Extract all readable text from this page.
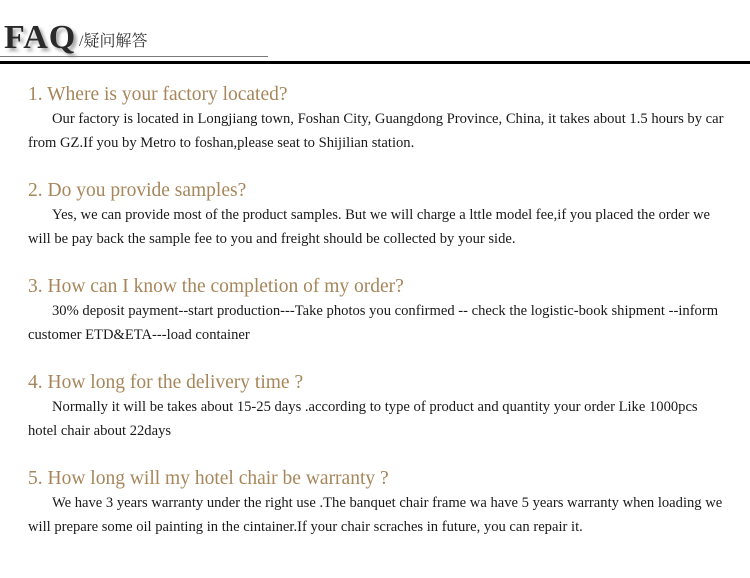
FAQ /疑问解答
1. Where is your factory located?
Our factory is located in Longjiang town, Foshan City, Guangdong Province, China, it takes about 1.5 hours by car from GZ.If you by Metro to foshan,please seat to Shijilian station.
2. Do you provide samples?
Yes, we can provide most of the product samples. But we will charge a lttle model fee,if you placed the order we will be pay back the sample fee to you and freight should be collected by your side.
3. How can I know the completion of my order?
30% deposit payment--start production---Take photos you confirmed -- check the logistic-book shipment --inform customer ETD&ETA---load container
4. How long for the delivery time ?
Normally it will be takes about 15-25 days .according to type of product and quantity your order Like 1000pcs hotel chair about 22days
5. How long will my hotel chair be warranty ?
We have 3 years warranty under the right use .The banquet chair frame wa have 5 years warranty when loading we will prepare some oil painting in the cintainer.If your chair scraches in future, you can repair it.
